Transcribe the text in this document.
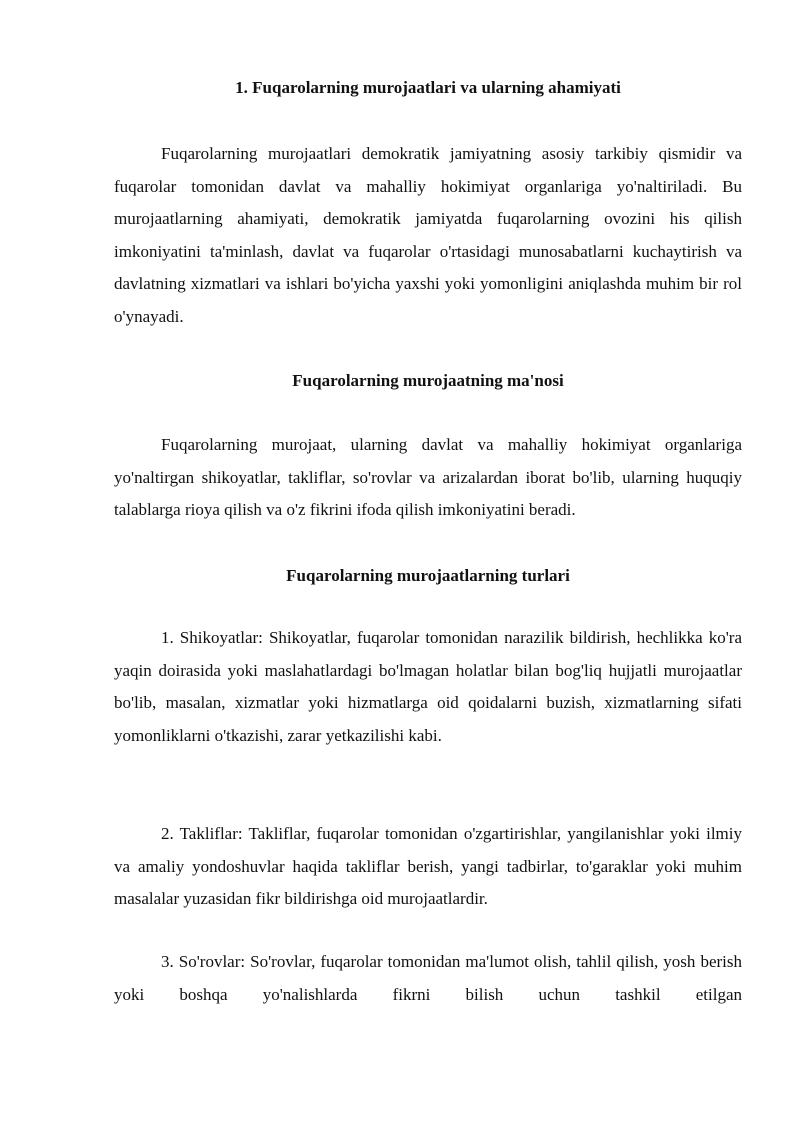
1. Fuqarolarning murojaatlari va ularning ahamiyati

Fuqarolarning murojaatlari demokratik jamiyatning asosiy tarkibiy qismidir va fuqarolar tomonidan davlat va mahalliy hokimiyat organlariga yo'naltiriladi. Bu murojaatlarning ahamiyati, demokratik jamiyatda fuqarolarning ovozini his qilish imkoniyatini ta'minlash, davlat va fuqarolar o'rtasidagi munosabatlarni kuchaytirish va davlatning xizmatlari va ishlari bo'yicha yaxshi yoki yomonligini aniqlashda muhim bir rol o'ynayadi.

Fuqarolarning murojaatning ma'nosi

Fuqarolarning murojaat, ularning davlat va mahalliy hokimiyat organlariga yo'naltirgan shikoyatlar, takliflar, so'rovlar va arizalardan iborat bo'lib, ularning huquqiy talablarga rioya qilish va o'z fikrini ifoda qilish imkoniyatini beradi.

Fuqarolarning murojaatlarning turlari

1. Shikoyatlar: Shikoyatlar, fuqarolar tomonidan narazilik bildirish, hechlikka ko'ra yaqin doirasida yoki maslahatlardagi bo'lmagan holatlar bilan bog'liq hujjatli murojaatlar bo'lib, masalan, xizmatlar yoki hizmatlarga oid qoidalarni buzish, xizmatlarning sifati yomonliklarni o'tkazishi, zarar yetkazilishi kabi.

2. Takliflar: Takliflar, fuqarolar tomonidan o'zgartirishlar, yangilanishlar yoki ilmiy va amaliy yondoshuvlar haqida takliflar berish, yangi tadbirlar, to'garaklar yoki muhim masalalar yuzasidan fikr bildirishga oid murojaatlardir.

3. So'rovlar: So'rovlar, fuqarolar tomonidan ma'lumot olish, tahlil qilish, yosh berish yoki boshqa yo'nalishlarda fikrni bilish uchun tashkil etilgan
